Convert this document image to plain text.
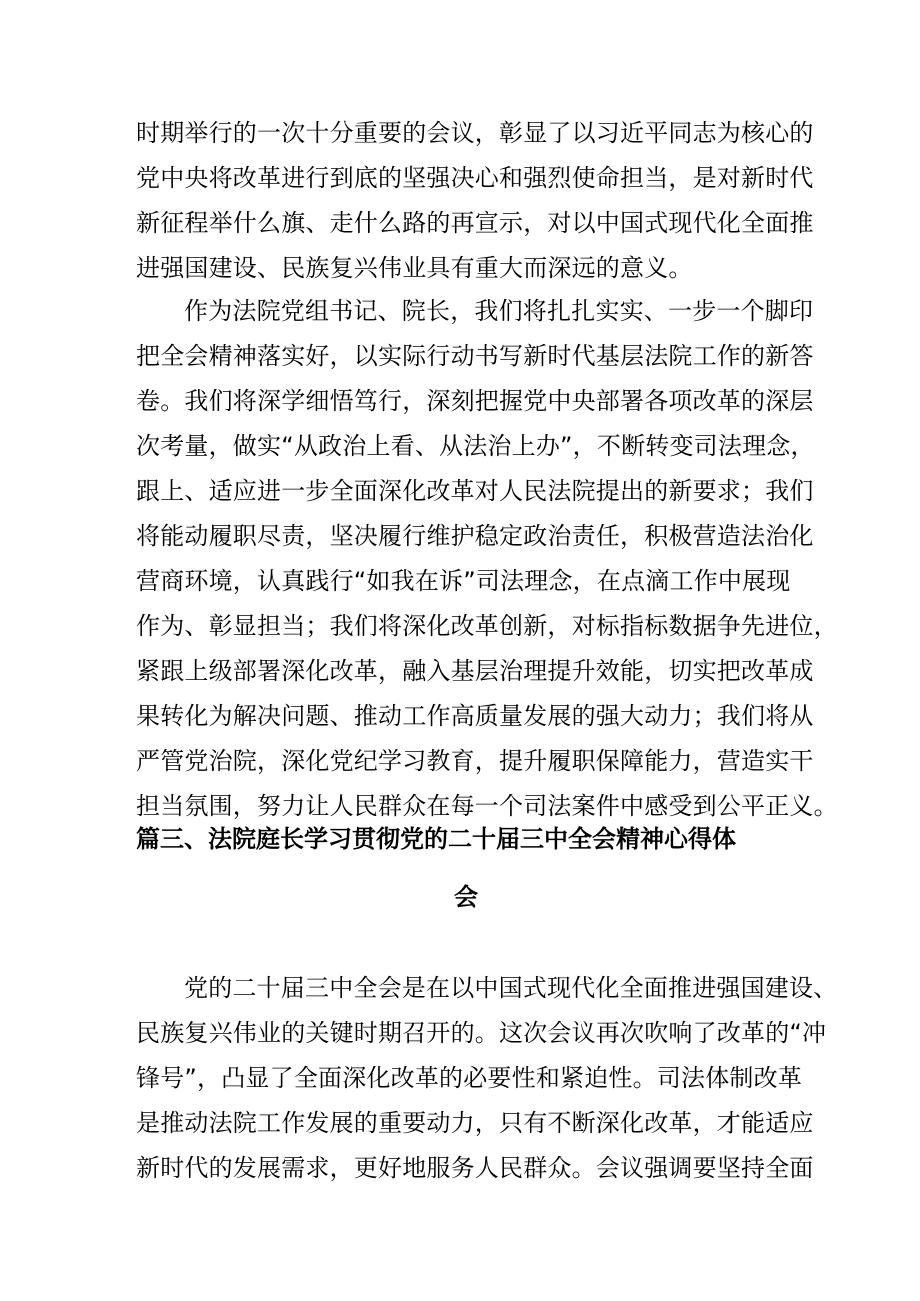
时期举行的一次十分重要的会议，彰显了以习近平同志为核心的
党中央将改革进行到底的坚强决心和强烈使命担当，是对新时代
新征程举什么旗、走什么路的再宣示，对以中国式现代化全面推
进强国建设、民族复兴伟业具有重大而深远的意义。
作为法院党组书记、院长，我们将扎扎实实、一步一个脚印
把全会精神落实好，以实际行动书写新时代基层法院工作的新答
卷。我们将深学细悟笃行，深刻把握党中央部署各项改革的深层
次考量，做实“从政治上看、从法治上办”，不断转变司法理念，
跟上、适应进一步全面深化改革对人民法院提出的新要求；我们
将能动履职尽责，坚决履行维护稳定政治责任，积极营造法治化
营商环境，认真践行“如我在诉”司法理念，在点滴工作中展现
作为、彰显担当；我们将深化改革创新，对标指标数据争先进位，
紧跟上级部署深化改革，融入基层治理提升效能，切实把改革成
果转化为解决问题、推动工作高质量发展的强大动力；我们将从
严管党治院，深化党纪学习教育，提升履职保障能力，营造实干
担当氛围，努力让人民群众在每一个司法案件中感受到公平正义。
篇三、法院庭长学习贯彻党的二十届三中全会精神心得体
会
党的二十届三中全会是在以中国式现代化全面推进强国建设、
民族复兴伟业的关键时期召开的。这次会议再次吹响了改革的“冲
锋号”，凸显了全面深化改革的必要性和紧迫性。司法体制改革
是推动法院工作发展的重要动力，只有不断深化改革，才能适应
新时代的发展需求，更好地服务人民群众。会议强调要坚持全面
